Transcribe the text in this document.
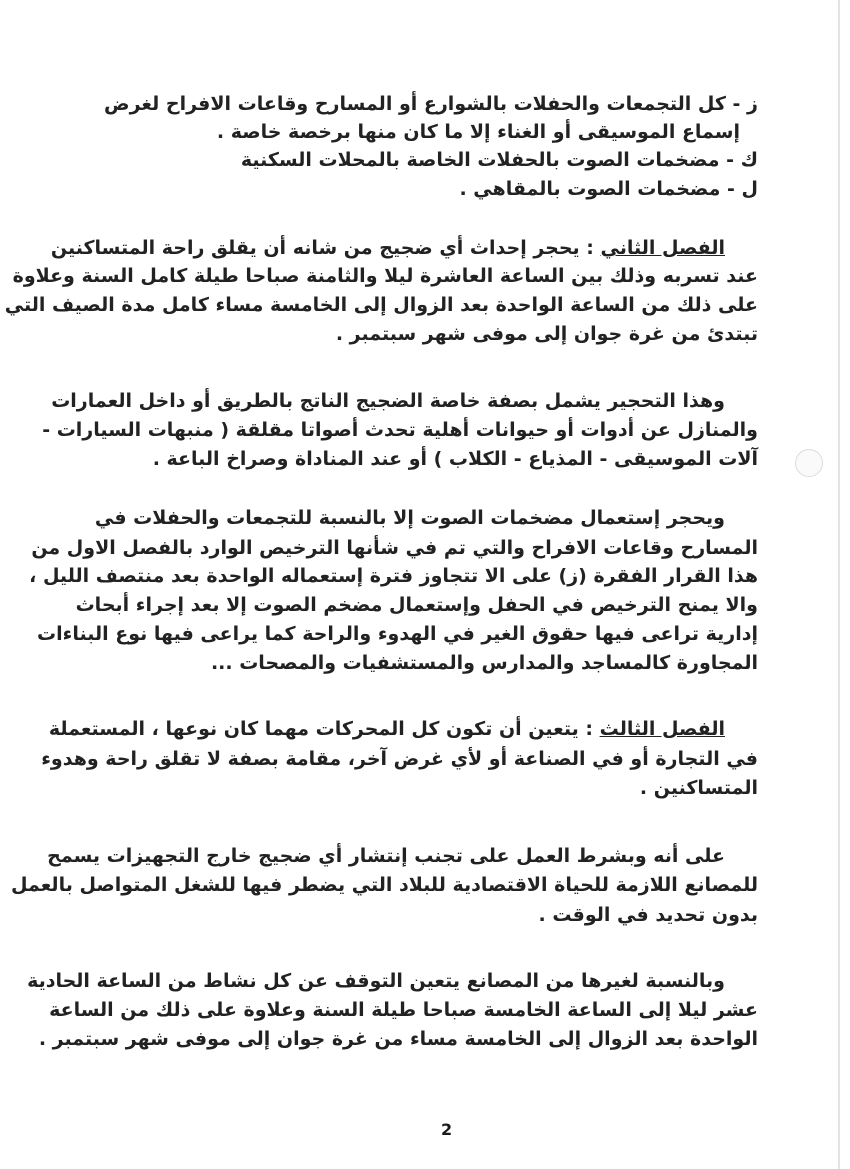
ز - كل التجمعات والحفلات بالشوارع أو المسارح وقاعات الافراح لغرض
إسماع الموسيقى أو الغناء إلا ما كان منها برخصة خاصة .
ك - مضخمات الصوت بالحفلات الخاصة بالمحلات السكنية
ل - مضخمات الصوت بالمقاهي .
الفصل الثاني : يحجر إحداث أي ضجيج من شانه أن يقلق راحة المتساكنين
عند تسربه وذلك بين الساعة العاشرة ليلا والثامنة صباحا طيلة كامل السنة وعلاوة
على ذلك من الساعة الواحدة بعد الزوال إلى الخامسة مساء كامل مدة الصيف التي
تبتدئ من غرة جوان إلى موفى شهر سبتمبر .
وهذا التحجير يشمل بصفة خاصة الضجيج الناتج بالطريق أو داخل العمارات
والمنازل عن أدوات أو حيوانات أهلية تحدث أصواتا مقلقة ( منبهات السيارات -
آلات الموسيقى - المذياع - الكلاب ) أو عند المناداة وصراخ الباعة .
ويحجر إستعمال مضخمات الصوت إلا بالنسبة للتجمعات والحفلات في
المسارح وقاعات الافراح والتي تم في شأنها الترخيص الوارد بالفصل الاول من
هذا القرار الفقرة (ز) على الا تتجاوز فترة إستعماله الواحدة بعد منتصف الليل ،
والا يمنح الترخيص في الحفل وإستعمال مضخم الصوت إلا بعد إجراء أبحاث
إدارية تراعى فيها حقوق الغير في الهدوء والراحة كما يراعى فيها نوع البناءات
المجاورة كالمساجد والمدارس والمستشفيات والمصحات ...
الفصل الثالث : يتعين أن تكون كل المحركات مهما كان نوعها ، المستعملة
في التجارة أو في الصناعة أو لأي غرض آخر، مقامة بصفة لا تقلق راحة وهدوء
المتساكنين .
على أنه وبشرط العمل على تجنب إنتشار أي ضجيج خارج التجهيزات يسمح
للمصانع اللازمة للحياة الاقتصادية للبلاد التي يضطر فيها للشغل المتواصل بالعمل
بدون تحديد في الوقت .
وبالنسبة لغيرها من المصانع يتعين التوقف عن كل نشاط من الساعة الحادية
عشر ليلا إلى الساعة الخامسة صباحا طيلة السنة وعلاوة على ذلك من الساعة
الواحدة بعد الزوال إلى الخامسة مساء من غرة جوان إلى موفى شهر سبتمبر .
2
